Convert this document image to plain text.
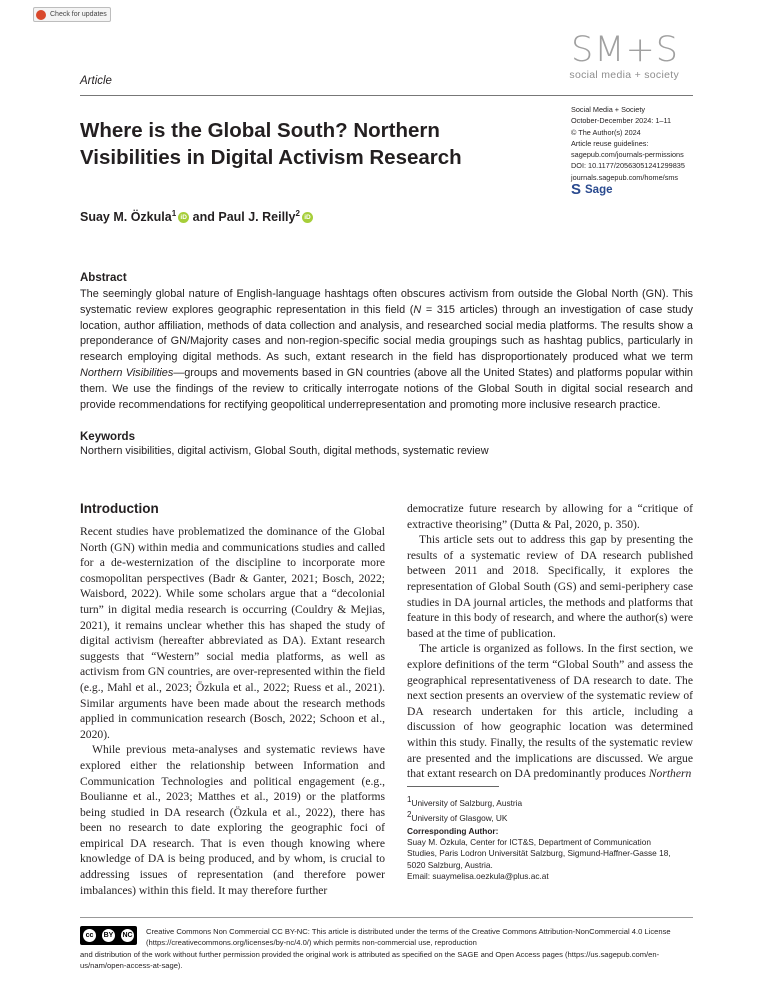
Check for updates
SM+S
social media + society
Article
Where is the Global South? Northern Visibilities in Digital Activism Research
Social Media + Society
October-December 2024: 1–11
© The Author(s) 2024
Article reuse guidelines:
sagepub.com/journals-permissions
DOI: 10.1177/20563051241299835
journals.sagepub.com/home/sms
S Sage
Suay M. Özkula$^1$ iD and Paul J. Reilly$^2$ iD
Abstract
The seemingly global nature of English-language hashtags often obscures activism from outside the Global North (GN). This systematic review explores geographic representation in this field (N = 315 articles) through an investigation of case study location, author affiliation, methods of data collection and analysis, and researched social media platforms. The results show a preponderance of GN/Majority cases and non-region-specific social media groupings such as hashtag publics, particularly in research employing digital methods. As such, extant research in the field has disproportionately produced what we term Northern Visibilities—groups and movements based in GN countries (above all the United States) and platforms popular within them. We use the findings of the review to critically interrogate notions of the Global South in digital social research and provide recommendations for rectifying geopolitical underrepresentation and promoting more inclusive research practice.
Keywords
Northern visibilities, digital activism, Global South, digital methods, systematic review
Introduction

Recent studies have problematized the dominance of the Global North (GN) within media and communications studies and called for a de-westernization of the discipline to incorporate more cosmopolitan perspectives (Badr & Ganter, 2021; Bosch, 2022; Waisbord, 2022). While some scholars argue that a “decolonial turn” in digital media research is occurring (Couldry & Mejias, 2021), it remains unclear whether this has shaped the study of digital activism (hereafter abbreviated as DA). Extant research suggests that “Western” social media platforms, as well as activism from GN countries, are over-represented within the field (e.g., Mahl et al., 2023; Özkula et al., 2022; Ruess et al., 2021). Similar arguments have been made about the research methods applied in communication research (Bosch, 2022; Schoon et al., 2020).

While previous meta-analyses and systematic reviews have explored either the relationship between Information and Communication Technologies and political engagement (e.g., Boulianne et al., 2023; Matthes et al., 2019) or the platforms being studied in DA research (Özkula et al., 2022), there has been no research to date exploring the geographic foci of empirical DA research. That is even though knowing where knowledge of DA is being produced, and by whom, is crucial to addressing issues of representation (and therefore power imbalances) within this field. It may therefore further

democratize future research by allowing for a “critique of extractive theorising” (Dutta & Pal, 2020, p. 350).

This article sets out to address this gap by presenting the results of a systematic review of DA research published between 2011 and 2018. Specifically, it explores the representation of Global South (GS) and semi-periphery case studies in DA journal articles, the methods and platforms that feature in this body of research, and where the author(s) were based at the time of publication.

The article is organized as follows. In the first section, we explore definitions of the term “Global South” and assess the geographical representativeness of DA research to date. The next section presents an overview of the systematic review of DA research undertaken for this article, including a discussion of how geographic location was determined within this study. Finally, the results of the systematic review are presented and the implications are discussed. We argue that extant research on DA predominantly produces Northern

$^1$University of Salzburg, Austria
$^2$University of Glasgow, UK
Corresponding Author:
Suay M. Özkula, Center for ICT&S, Department of Communication
Studies, Paris Lodron Universität Salzburg, Sigmund-Haffner-Gasse 18,
5020 Salzburg, Austria.
Email: suaymelisa.oezkula@plus.ac.at
cc	BY NC Creative Commons Non Commercial CC BY-NC: This article is distributed under the terms of the Creative Commons Attribution-NonCommercial 4.0 License (https://creativecommons.org/licenses/by-nc/4.0/) which permits non-commercial use, reproduction
and distribution of the work without further permission provided the original work is attributed as specified on the SAGE and Open Access pages (https://us.sagepub.com/en-us/nam/open-access-at-sage).
